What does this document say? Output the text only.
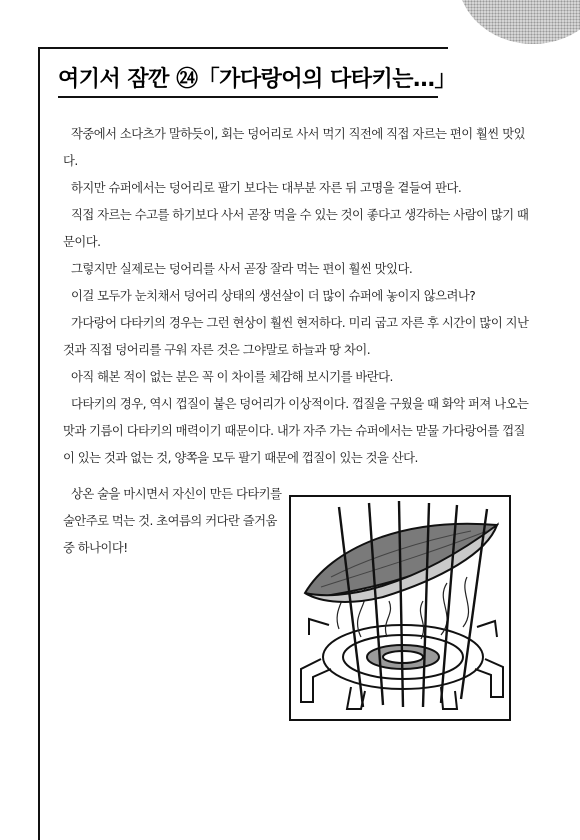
여기서 잠깐 ㉔「가다랑어의 다타키는…」

작중에서 소다츠가 말하듯이, 회는 덩어리로 사서 먹기 직전에 직접 자르는 편이 훨씬 맛있다.

하지만 슈퍼에서는 덩어리로 팔기 보다는 대부분 자른 뒤 고명을 곁들여 판다.

직접 자르는 수고를 하기보다 사서 곧장 먹을 수 있는 것이 좋다고 생각하는 사람이 많기 때문이다.

그렇지만 실제로는 덩어리를 사서 곧장 잘라 먹는 편이 훨씬 맛있다.

이걸 모두가 눈치채서 덩어리 상태의 생선살이 더 많이 슈퍼에 놓이지 않으려나?

가다랑어 다타키의 경우는 그런 현상이 훨씬 현저하다. 미리 굽고 자른 후 시간이 많이 지난 것과 직접 덩어리를 구워 자른 것은 그야말로 하늘과 땅 차이.

아직 해본 적이 없는 분은 꼭 이 차이를 체감해 보시기를 바란다.

다타키의 경우, 역시 껍질이 붙은 덩어리가 이상적이다. 껍질을 구웠을 때 화악 퍼져 나오는 맛과 기름이 다타키의 매력이기 때문이다. 내가 자주 가는 슈퍼에서는 맏물 가다랑어를 껍질이 있는 것과 없는 것, 양쪽을 모두 팔기 때문에 껍질이 있는 것을 산다.

상온 술을 마시면서 자신이 만든 다타키를 술안주로 먹는 것. 초여름의 커다란 즐거움 중 하나이다!
